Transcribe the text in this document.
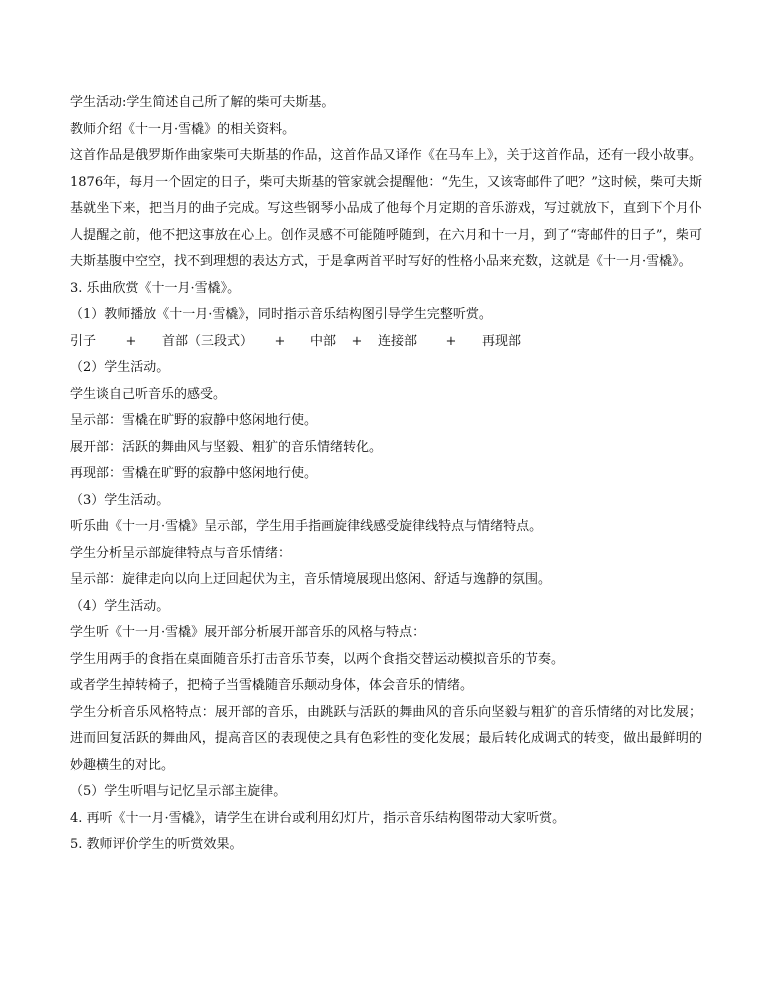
学生活动:学生简述自己所了解的柴可夫斯基。

教师介绍《十一月·雪橇》的相关资料。

这首作品是俄罗斯作曲家柴可夫斯基的作品，这首作品又译作《在马车上》，关于这首作品，还有一段小故事。1876年，每月一个固定的日子，柴可夫斯基的管家就会提醒他：“先生，又该寄邮件了吧？”这时候，柴可夫斯基就坐下来，把当月的曲子完成。写这些钢琴小品成了他每个月定期的音乐游戏，写过就放下，直到下个月仆人提醒之前，他不把这事放在心上。创作灵感不可能随呼随到，在六月和十一月，到了“寄邮件的日子”，柴可夫斯基腹中空空，找不到理想的表达方式，于是拿两首平时写好的性格小品来充数，这就是《十一月·雪橇》。

3. 乐曲欣赏《十一月·雪橇》。

（1）教师播放《十一月·雪橇》，同时指示音乐结构图引导学生完整听赏。

引子	+	首部（三段式）	+	中部	+	连接部	+	再现部

（2）学生活动。

学生谈自己听音乐的感受。

呈示部：雪橇在旷野的寂静中悠闲地行使。

展开部：活跃的舞曲风与坚毅、粗犷的音乐情绪转化。

再现部：雪橇在旷野的寂静中悠闲地行使。

（3）学生活动。

听乐曲《十一月·雪橇》呈示部，学生用手指画旋律线感受旋律线特点与情绪特点。

学生分析呈示部旋律特点与音乐情绪：

呈示部：旋律走向以向上迂回起伏为主，音乐情境展现出悠闲、舒适与逸静的氛围。

（4）学生活动。

学生听《十一月·雪橇》展开部分析展开部音乐的风格与特点：

学生用两手的食指在桌面随音乐打击音乐节奏，以两个食指交替运动模拟音乐的节奏。

或者学生掉转椅子，把椅子当雪橇随音乐颠动身体，体会音乐的情绪。

学生分析音乐风格特点：展开部的音乐，由跳跃与活跃的舞曲风的音乐向坚毅与粗犷的音乐情绪的对比发展；进而回复活跃的舞曲风，提高音区的表现使之具有色彩性的变化发展；最后转化成调式的转变，做出最鲜明的妙趣横生的对比。

（5）学生听唱与记忆呈示部主旋律。

4. 再听《十一月·雪橇》，请学生在讲台或利用幻灯片，指示音乐结构图带动大家听赏。

5. 教师评价学生的听赏效果。
